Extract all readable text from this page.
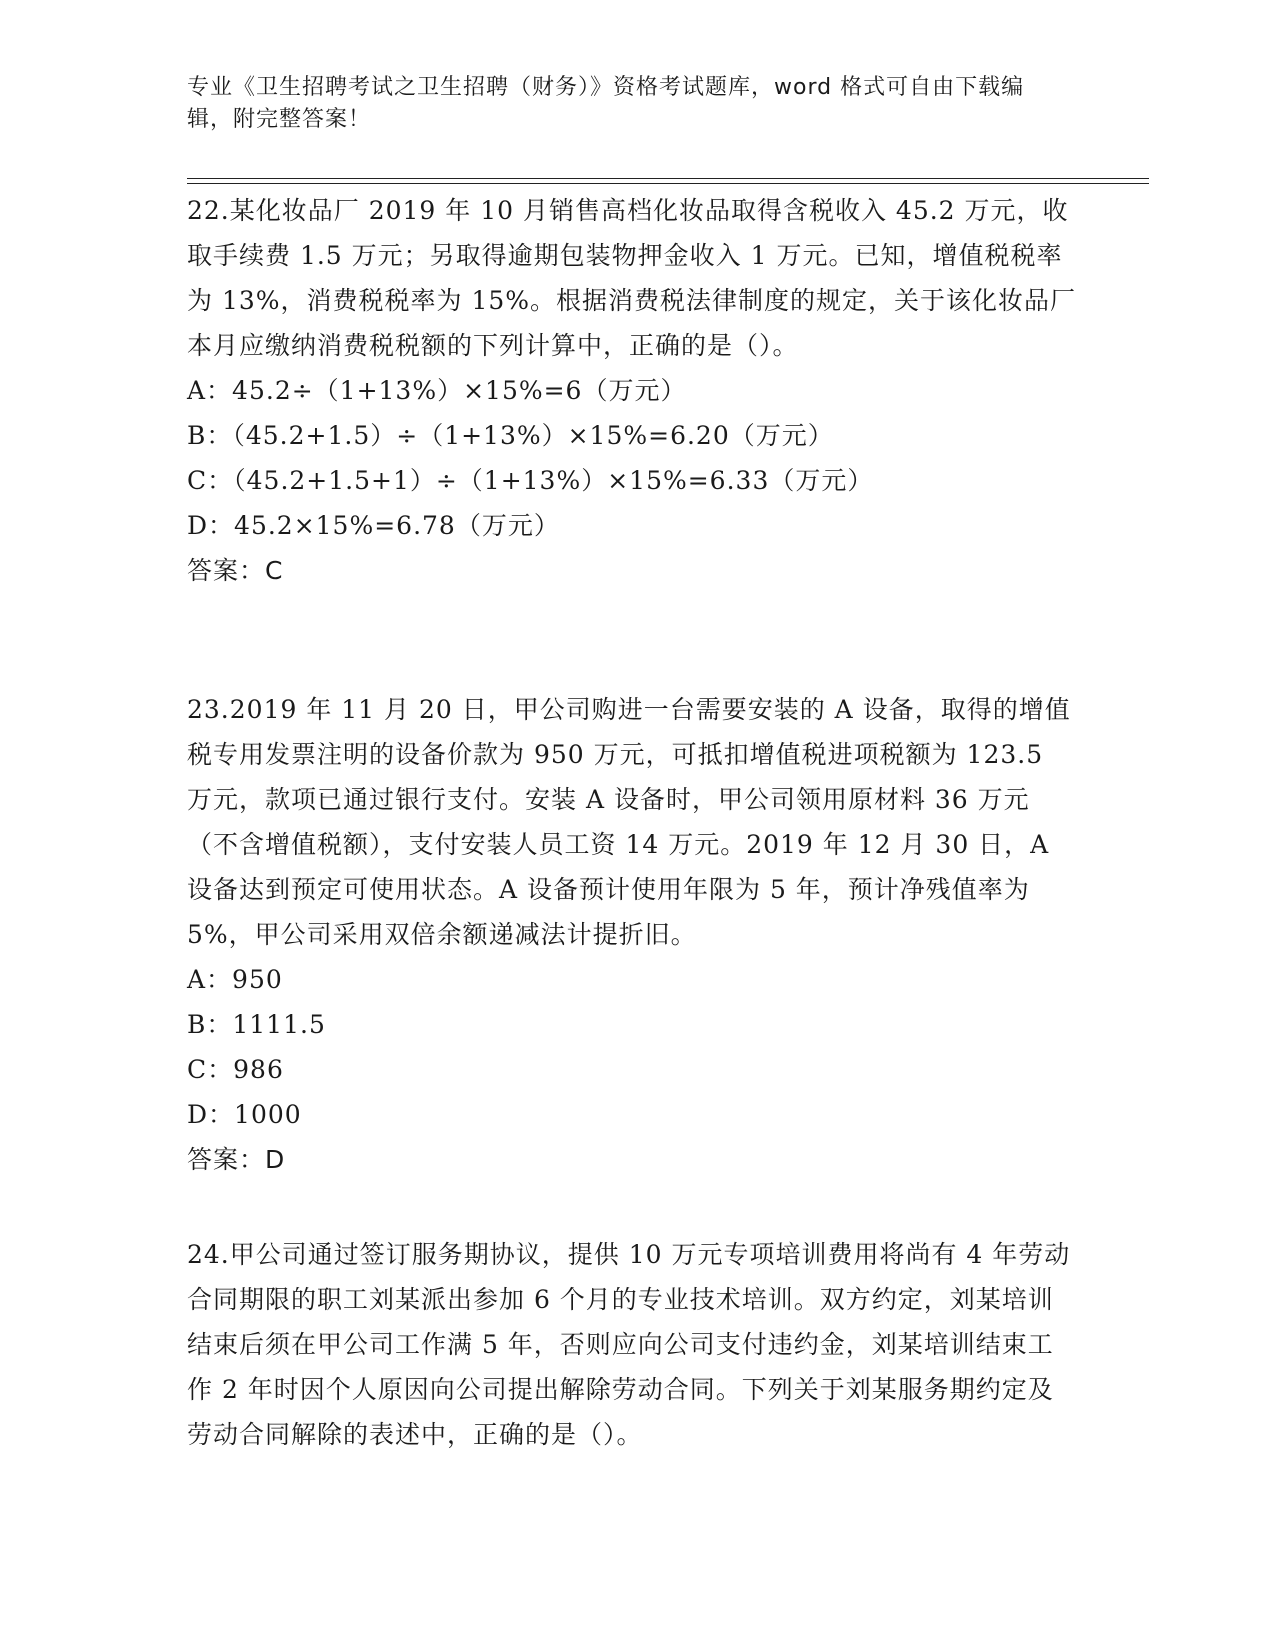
专业《卫生招聘考试之卫生招聘（财务）》资格考试题库，word 格式可自由下载编辑，附完整答案！

22.某化妆品厂 2019 年 10 月销售高档化妆品取得含税收入 45.2 万元，收取手续费 1.5 万元；另取得逾期包装物押金收入 1 万元。已知，增值税税率为 13%，消费税税率为 15%。根据消费税法律制度的规定，关于该化妆品厂本月应缴纳消费税税额的下列计算中，正确的是（）。

A：45.2÷（1+13%）×15%=6（万元）

B：（45.2+1.5）÷（1+13%）×15%=6.20（万元）

C：（45.2+1.5+1）÷（1+13%）×15%=6.33（万元）

D：45.2×15%=6.78（万元）

答案：C

23.2019 年 11 月 20 日，甲公司购进一台需要安装的 A 设备，取得的增值税专用发票注明的设备价款为 950 万元，可抵扣增值税进项税额为 123.5 万元，款项已通过银行支付。安装 A 设备时，甲公司领用原材料 36 万元（不含增值税额），支付安装人员工资 14 万元。2019 年 12 月 30 日，A 设备达到预定可使用状态。A 设备预计使用年限为 5 年，预计净残值率为 5%，甲公司采用双倍余额递减法计提折旧。

A：950

B：1111.5

C：986

D：1000

答案：D

24.甲公司通过签订服务期协议，提供 10 万元专项培训费用将尚有 4 年劳动合同期限的职工刘某派出参加 6 个月的专业技术培训。双方约定，刘某培训结束后须在甲公司工作满 5 年，否则应向公司支付违约金，刘某培训结束工作 2 年时因个人原因向公司提出解除劳动合同。下列关于刘某服务期约定及劳动合同解除的表述中，正确的是（）。
